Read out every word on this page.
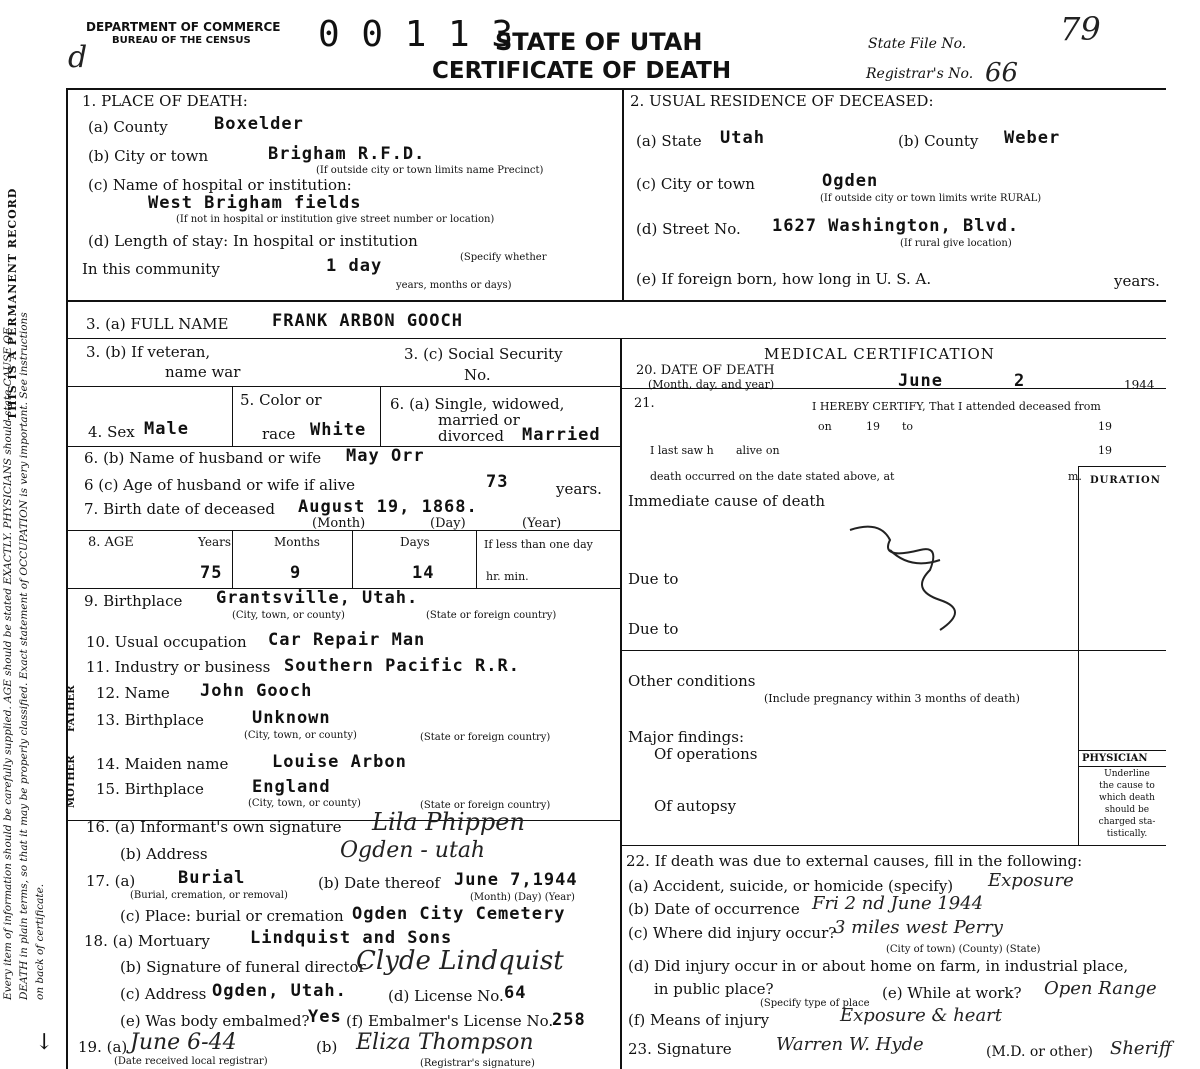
Every item of information should be carefully supplied. AGE should be stated EXACTLY. PHYSICIANS should state CAUSE OF DEATH in plain terms, so that it may be properly classified. Exact statement of OCCUPATION is very important. See instructions on back of certificate.
THIS IS A PERMANENT RECORD
↓
d
DEPARTMENT OF COMMERCE
BUREAU OF THE CENSUS 0 0 1 1 3
STATE OF UTAH
CERTIFICATE OF DEATH
State File No.	79
Registrar's No. 66
1. PLACE OF DEATH:
(a) County	Boxelder
(b) City or town	Brigham R.F.D.
(If outside city or town limits name Precinct)
(c) Name of hospital or institution:
West Brigham fields
(If not in hospital or institution give street number or location)
(d) Length of stay: In hospital or institution
(Specify whether
In this community	1 day
years, months or days)
2. USUAL RESIDENCE OF DECEASED:
(a) State Utah	(b) County Weber
(c) City or town	Ogden
(If outside city or town limits write RURAL)
(d) Street No. 1627 Washington, Blvd.
(If rural give location)
(e) If foreign born, how long in U. S. A.	years.
3. (a) FULL NAME	FRANK ARBON GOOCH
3. (b) If veteran,
name war
3. (c) Social Security
No.
4. Sex Male
5. Color or
race White
6. (a) Single, widowed,
married or
divorced Married
6. (b) Name of husband or wife May Orr
6 (c) Age of husband or wife if alive	73	years.
7. Birth date of deceased August 19, 1868.
(Month)	(Day)	(Year)
8. AGE	Years	Months	Days	If less than one day
75	9	14	hr. min.
9. Birthplace Grantsville, Utah.
(City, town, or county)	(State or foreign country)
10. Usual occupation Car Repair Man
11. Industry or business Southern Pacific R.R.
FATHER
MOTHER
12. Name John Gooch
13. Birthplace	Unknown
(City, town, or county)	(State or foreign country)
14. Maiden name	Louise Arbon
15. Birthplace	England
(City, town, or county)	(State or foreign country)
16. (a) Informant's own signature Lila Phippen
(b) Address	Ogden - utah
17. (a)	Burial
(Burial, cremation, or removal)
(b) Date thereof June 7,1944
(Month) (Day) (Year)
(c) Place: burial or cremation Ogden City Cemetery
18. (a) Mortuary Lindquist and Sons
(b) Signature of funeral director
Clyde Lindquist
(c) Address Ogden, Utah.	(d) License No. 64
(e) Was body embalmed?
Yes (f) Embalmer's License No.
258
19. (a) June 6-44
(Date received local registrar)
(b) Eliza Thompson
(Registrar's signature)
MEDICAL CERTIFICATION
20. DATE OF DEATH
(Month, day, and year)	June	2	1944
21.	I HEREBY CERTIFY, That I attended deceased from
on	19 to	19
I last saw h alive on	19
death occurred on the date stated above, at	m. DURATION
Immediate cause of death
Due to
Due to
Other conditions
(Include pregnancy within 3 months of death)
Major findings:
Of operations
Of autopsy
PHYSICIAN
Underline
the cause to
which death
should be
charged sta-
tistically.
22. If death was due to external causes, fill in the following:
(a) Accident, suicide, or homicide (specify) Exposure
(b) Date of occurrence Fri 2 nd June 1944
(c) Where did injury occur?
3 miles west Perry
(City of town) (County) (State)
(d) Did injury occur in or about home on farm, in industrial place,
in public place?
(Specify type of place
(e) While at work? Open Range
(f) Means of injury	Exposure & heart
23. Signature Warren W. Hyde	(M.D. or other) Sheriff
